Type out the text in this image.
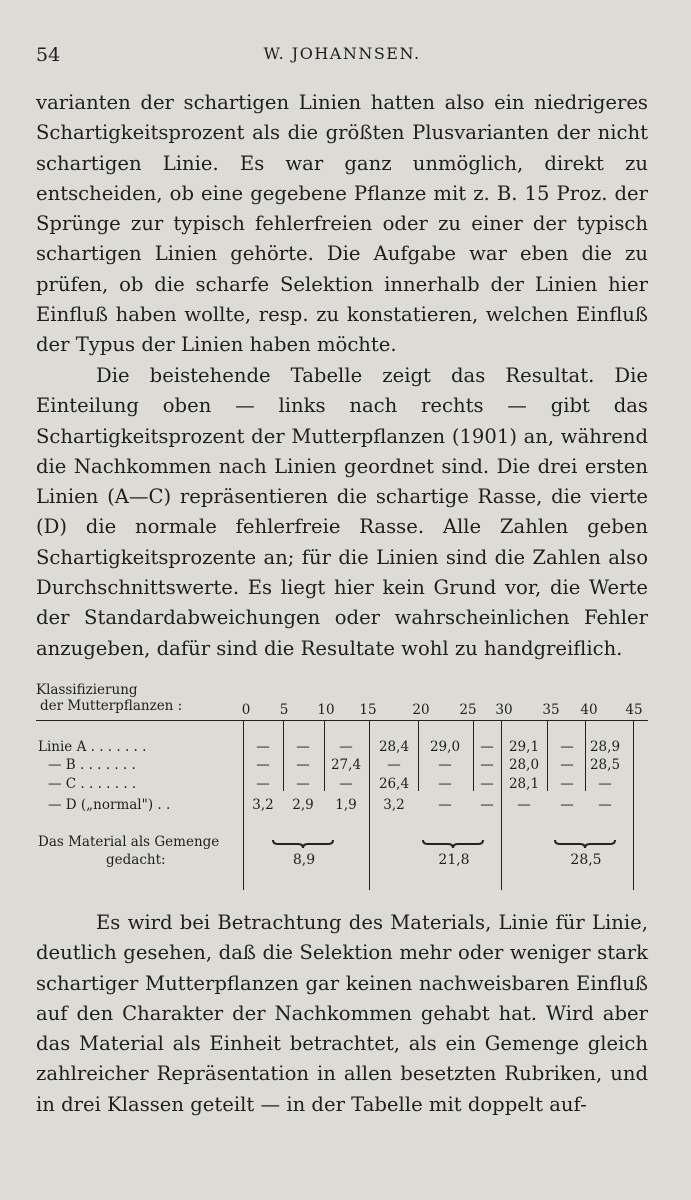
54	W. JOHANNSEN.

varianten der schartigen Linien hatten also ein niedrigeres Schartigkeitsprozent als die größten Plusvarianten der nicht schartigen Linie. Es war ganz unmöglich, direkt zu entscheiden, ob eine gegebene Pflanze mit z. B. 15 Proz. der Sprünge zur typisch fehlerfreien oder zu einer der typisch schartigen Linien gehörte. Die Aufgabe war eben die zu prüfen, ob die scharfe Selektion innerhalb der Linien hier Einfluß haben wollte, resp. zu konstatieren, welchen Einfluß der Typus der Linien haben möchte.

Die beistehende Tabelle zeigt das Resultat. Die Einteilung oben — links nach rechts — gibt das Schartigkeitsprozent der Mutterpflanzen (1901) an, während die Nachkommen nach Linien geordnet sind. Die drei ersten Linien (A—C) repräsentieren die schartige Rasse, die vierte (D) die normale fehlerfreie Rasse. Alle Zahlen geben Schartigkeitsprozente an; für die Linien sind die Zahlen also Durchschnittswerte. Es liegt hier kein Grund vor, die Werte der Standardabweichungen oder wahrscheinlichen Fehler anzugeben, dafür sind die Resultate wohl zu handgreiflich.

Klassifizierung
der Mutterpflanzen :	0	5	10	15	20	25	30	35	40	45
Linie A . . . . . . .	—	—	—	28,4	29,0	—	29,1	—	28,9
— B . . . . . . .	—	—	27,4	—	—	—	28,0	—	28,5
— C . . . . . . .	—	—	—	26,4	—	—	28,1	—	—
— D („normal") . .	3,2	2,9	1,9	3,2	—	—	—	—	—
Das Material als Gemenge
gedacht:	8,9	21,8	28,5

Es wird bei Betrachtung des Materials, Linie für Linie, deutlich gesehen, daß die Selektion mehr oder weniger stark schartiger Mutterpflanzen gar keinen nachweisbaren Einfluß auf den Charakter der Nachkommen gehabt hat. Wird aber das Material als Einheit betrachtet, als ein Gemenge gleich zahlreicher Repräsentation in allen besetzten Rubriken, und in drei Klassen geteilt — in der Tabelle mit doppelt auf-
